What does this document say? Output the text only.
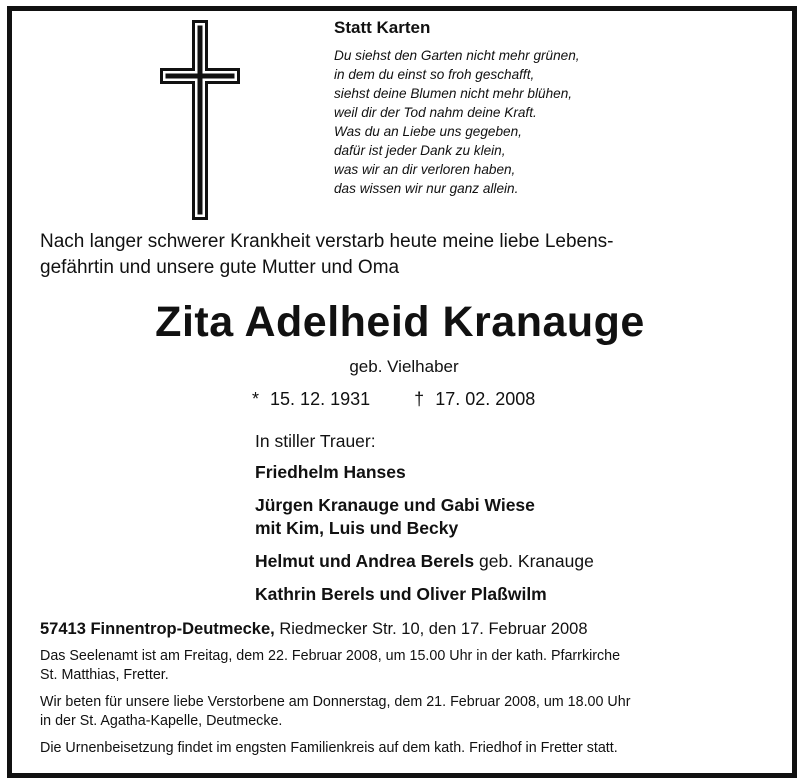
Statt Karten
Du siehst den Garten nicht mehr grünen,
in dem du einst so froh geschafft,
siehst deine Blumen nicht mehr blühen,
weil dir der Tod nahm deine Kraft.
Was du an Liebe uns gegeben,
dafür ist jeder Dank zu klein,
was wir an dir verloren haben,
das wissen wir nur ganz allein.
Nach langer schwerer Krankheit verstarb heute meine liebe Lebens-
gefährtin und unsere gute Mutter und Oma
Zita Adelheid Kranauge
geb. Vielhaber
* 15. 12. 1931 † 17. 02. 2008
In stiller Trauer:
Friedhelm Hanses
Jürgen Kranauge und Gabi Wiese
mit Kim, Luis und Becky
Helmut und Andrea Berels geb. Kranauge
Kathrin Berels und Oliver Plaßwilm
57413 Finnentrop-Deutmecke, Riedmecker Str. 10, den 17. Februar 2008
Das Seelenamt ist am Freitag, dem 22. Februar 2008, um 15.00 Uhr in der kath. Pfarrkirche
St. Matthias, Fretter.
Wir beten für unsere liebe Verstorbene am Donnerstag, dem 21. Februar 2008, um 18.00 Uhr
in der St. Agatha-Kapelle, Deutmecke.
Die Urnenbeisetzung findet im engsten Familienkreis auf dem kath. Friedhof in Fretter statt.
